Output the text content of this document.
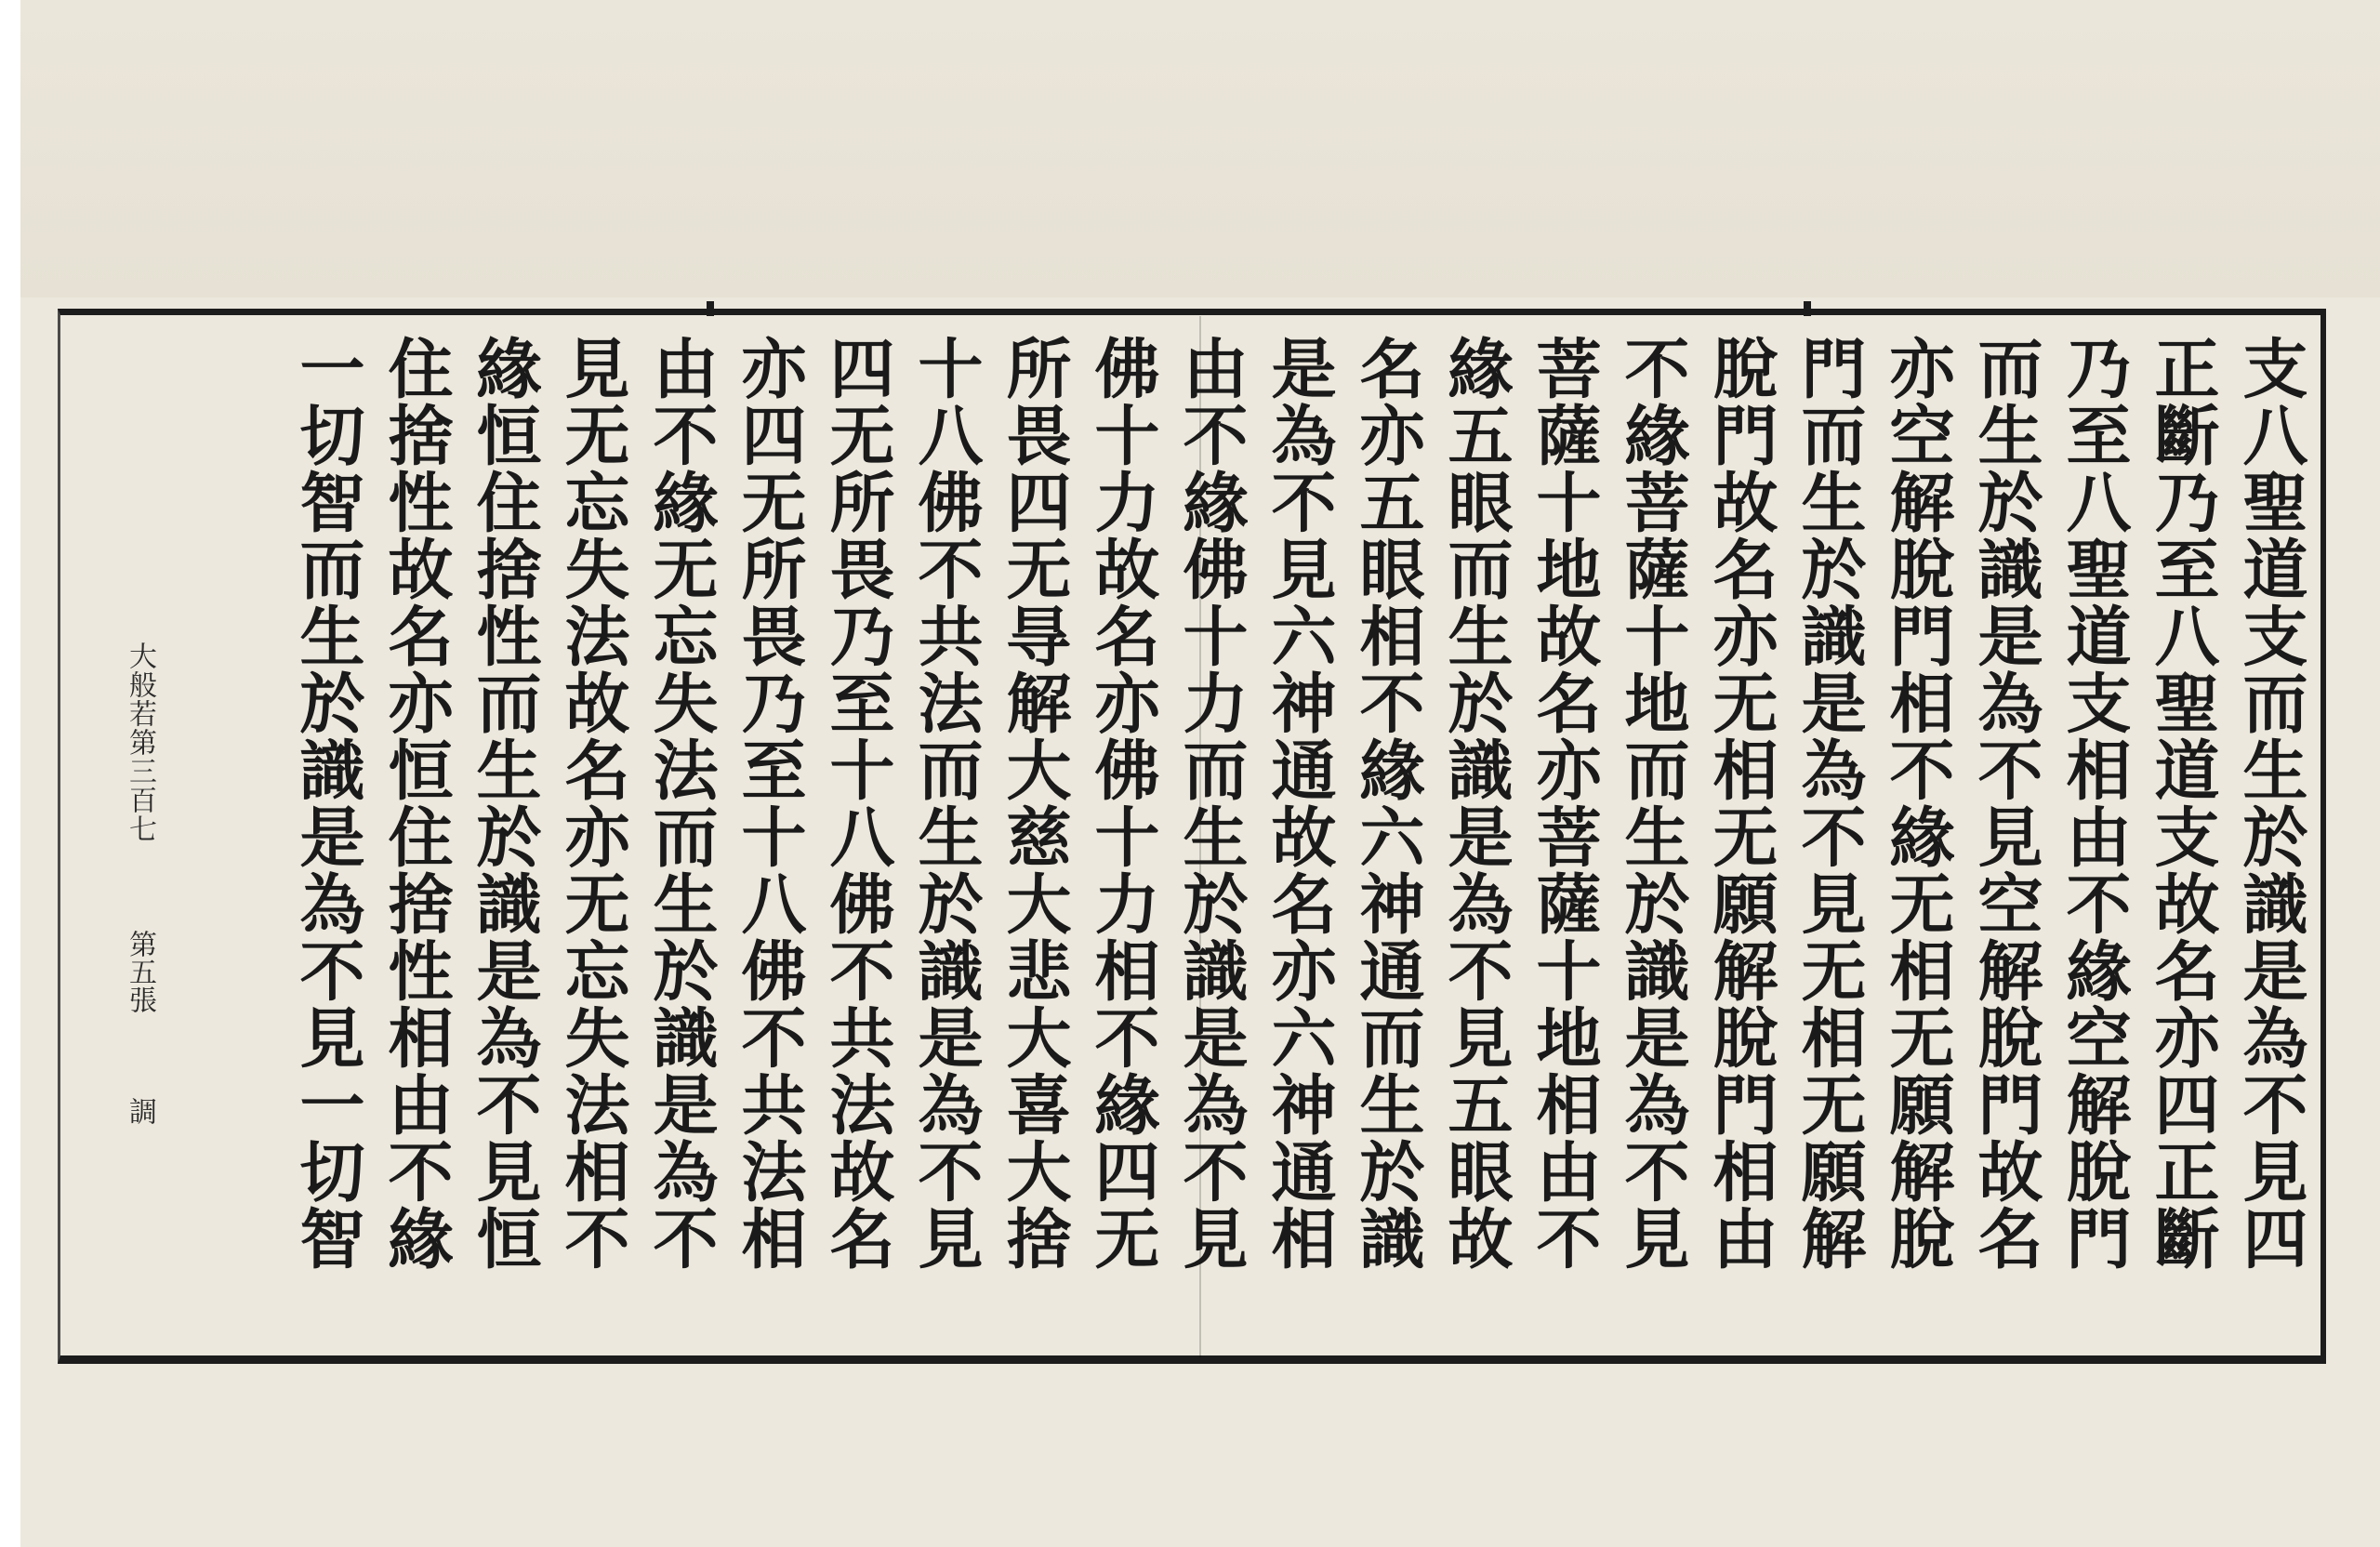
支八聖道支而生於識是為不見四
正斷乃至八聖道支故名亦四正斷
乃至八聖道支相由不緣空解脫門
而生於識是為不見空解脫門故名
亦空解脫門相不緣无相无願解脫
門而生於識是為不見无相无願解
脫門故名亦无相无願解脫門相由
不緣菩薩十地而生於識是為不見
菩薩十地故名亦菩薩十地相由不
緣五眼而生於識是為不見五眼故
名亦五眼相不緣六神通而生於識
是為不見六神通故名亦六神通相
由不緣佛十力而生於識是為不見
佛十力故名亦佛十力相不緣四无
所畏四无㝵解大慈大悲大喜大捨
十八佛不共法而生於識是為不見
四无所畏乃至十八佛不共法故名
亦四无所畏乃至十八佛不共法相
由不緣无忘失法而生於識是為不
見无忘失法故名亦无忘失法相不
緣恒住捨性而生於識是為不見恒
住捨性故名亦恒住捨性相由不緣
一切智而生於識是為不見一切智
大般若第三百七
第五張
調
